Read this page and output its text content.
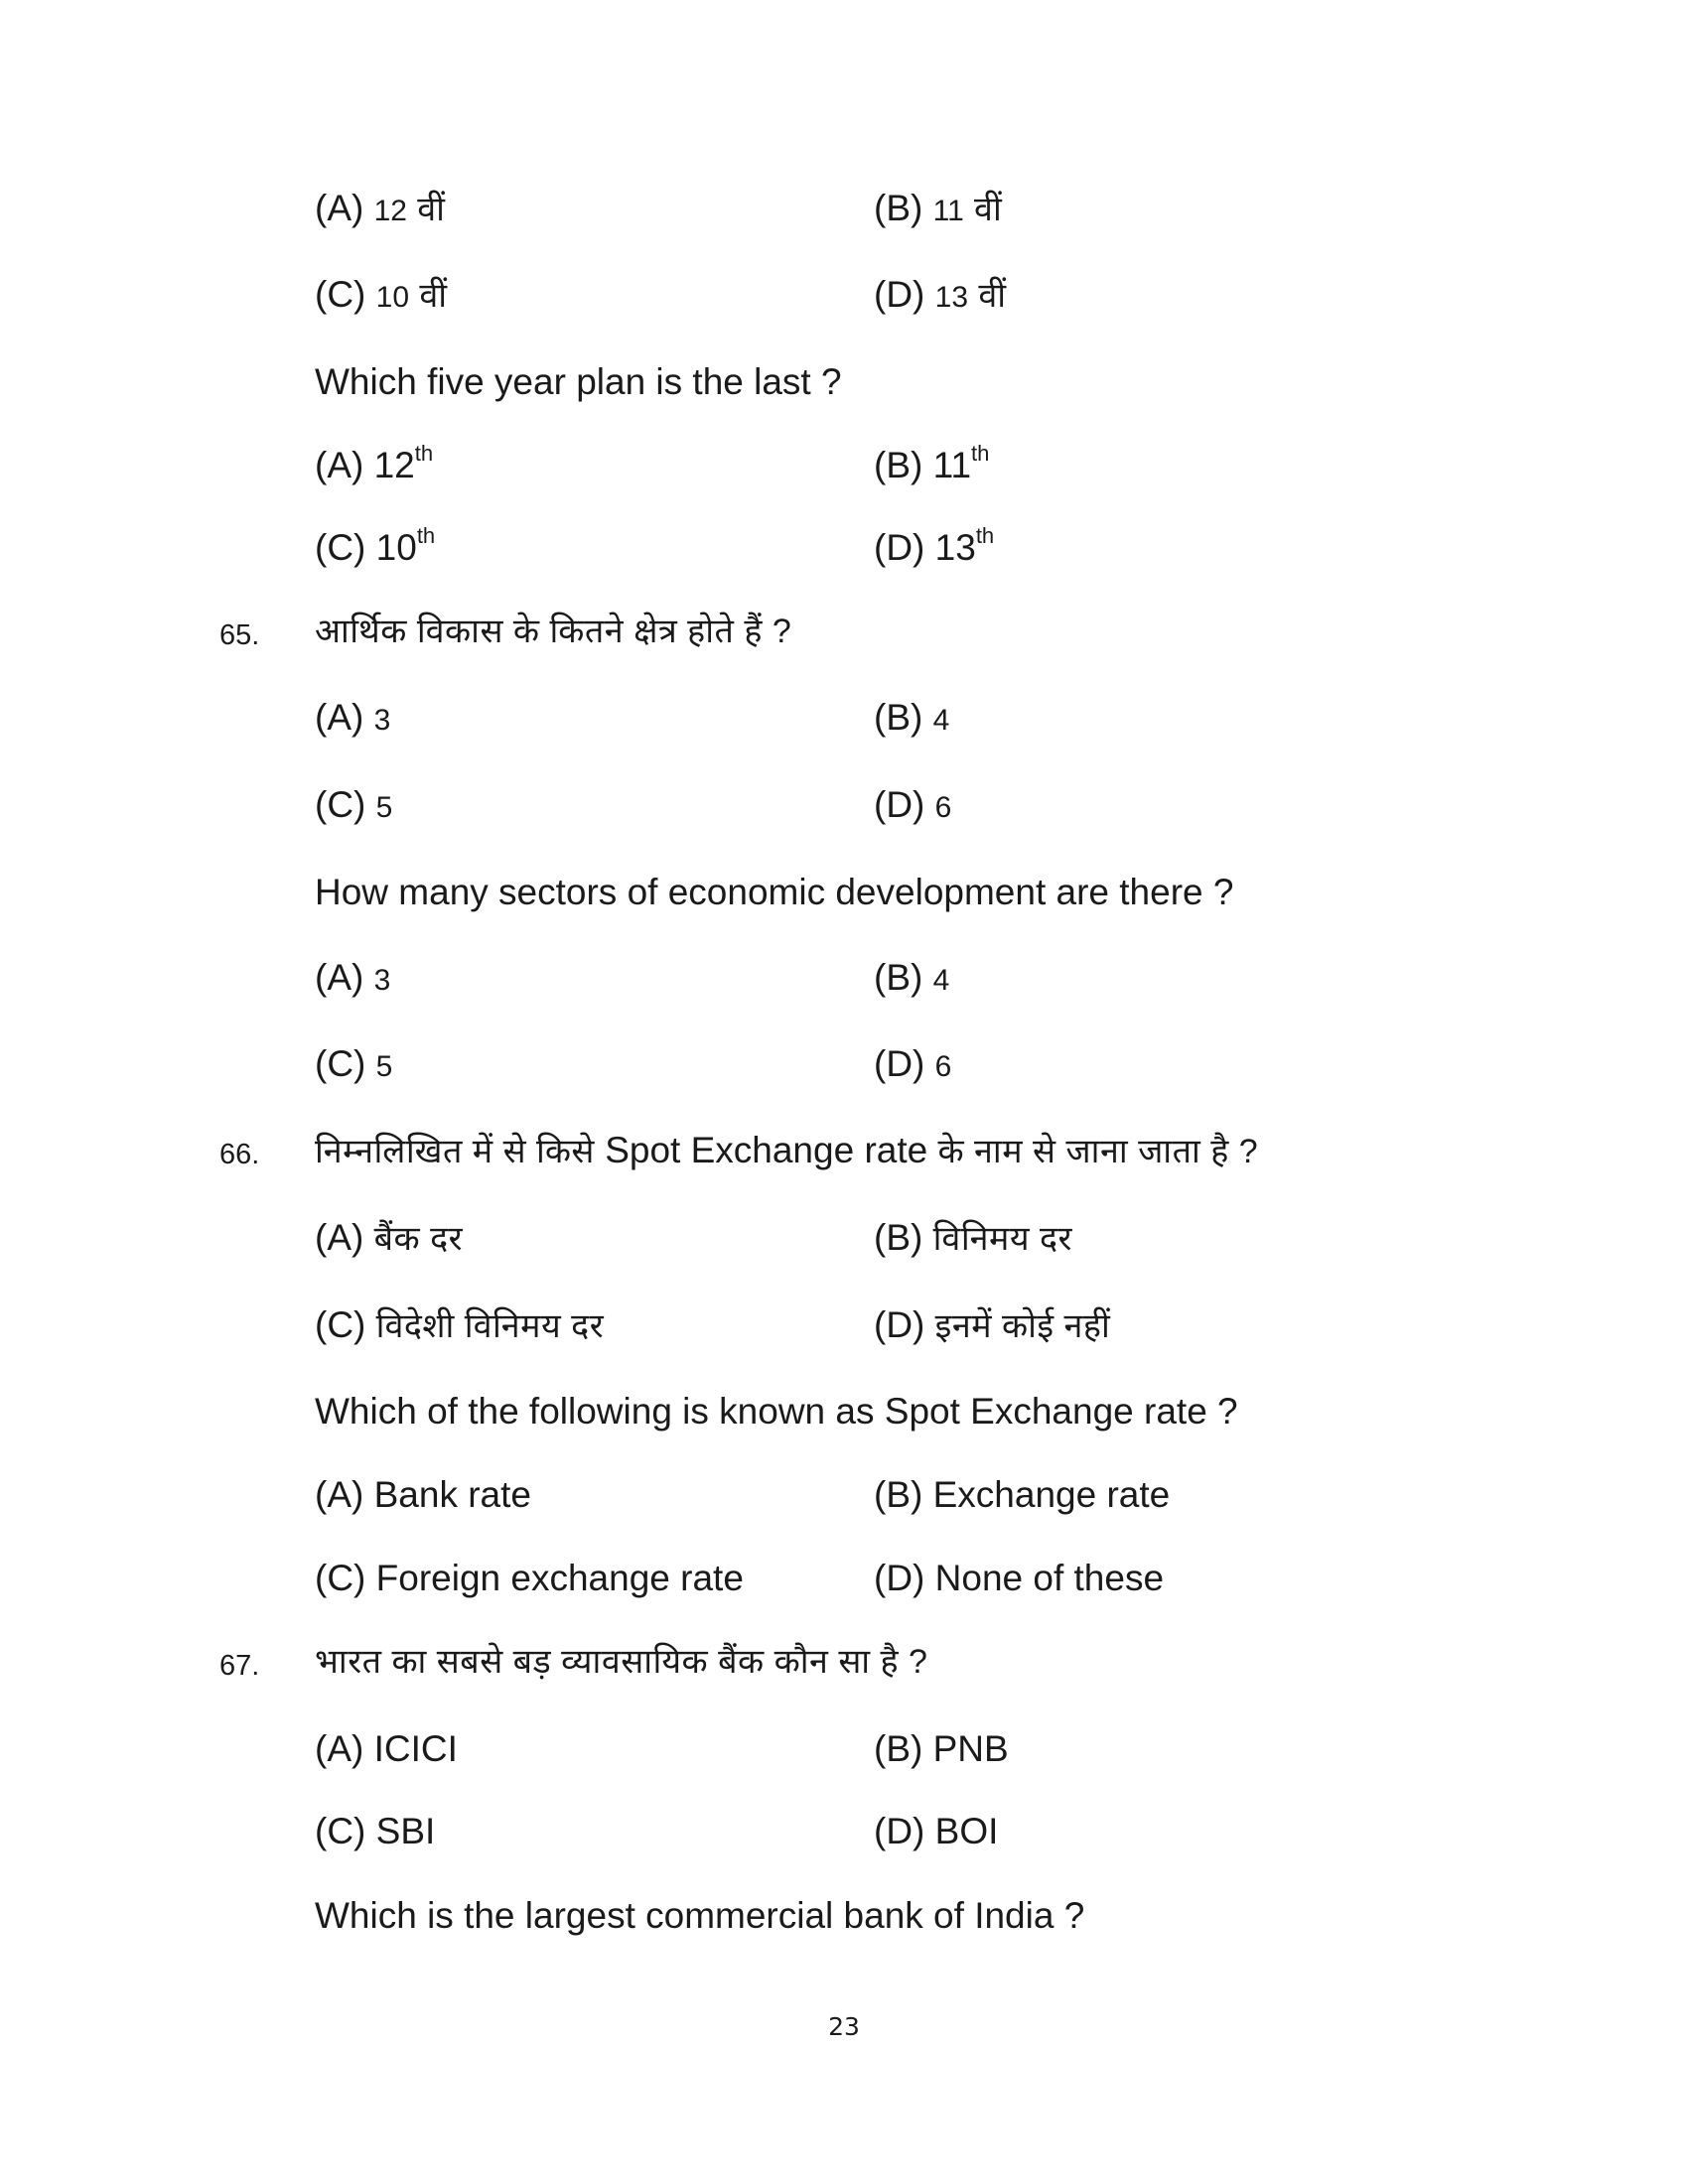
(A) 12 वीं	(B) 11 वीं
(C) 10 वीं	(D) 13 वीं
Which five year plan is the last ?
(A) 12th	(B) 11th
(C) 10th	(D) 13th
65. आर्थिक विकास के कितने क्षेत्र होते हैं ?
(A) 3	(B) 4
(C) 5	(D) 6
How many sectors of economic development are there ?
(A) 3	(B) 4
(C) 5	(D) 6
66. निम्नलिखित में से किसे Spot Exchange rate के नाम से जाना जाता है ?
(A) बैंक दर	(B) विनिमय दर
(C) विदेशी विनिमय दर	(D) इनमें कोई नहीं
Which of the following is known as Spot Exchange rate ?
(A) Bank rate	(B) Exchange rate
(C) Foreign exchange rate	(D) None of these
67. भारत का सबसे बड़ व्यावसायिक बैंक कौन सा है ?
(A) ICICI	(B) PNB
(C) SBI	(D) BOI
Which is the largest commercial bank of India ?
23
